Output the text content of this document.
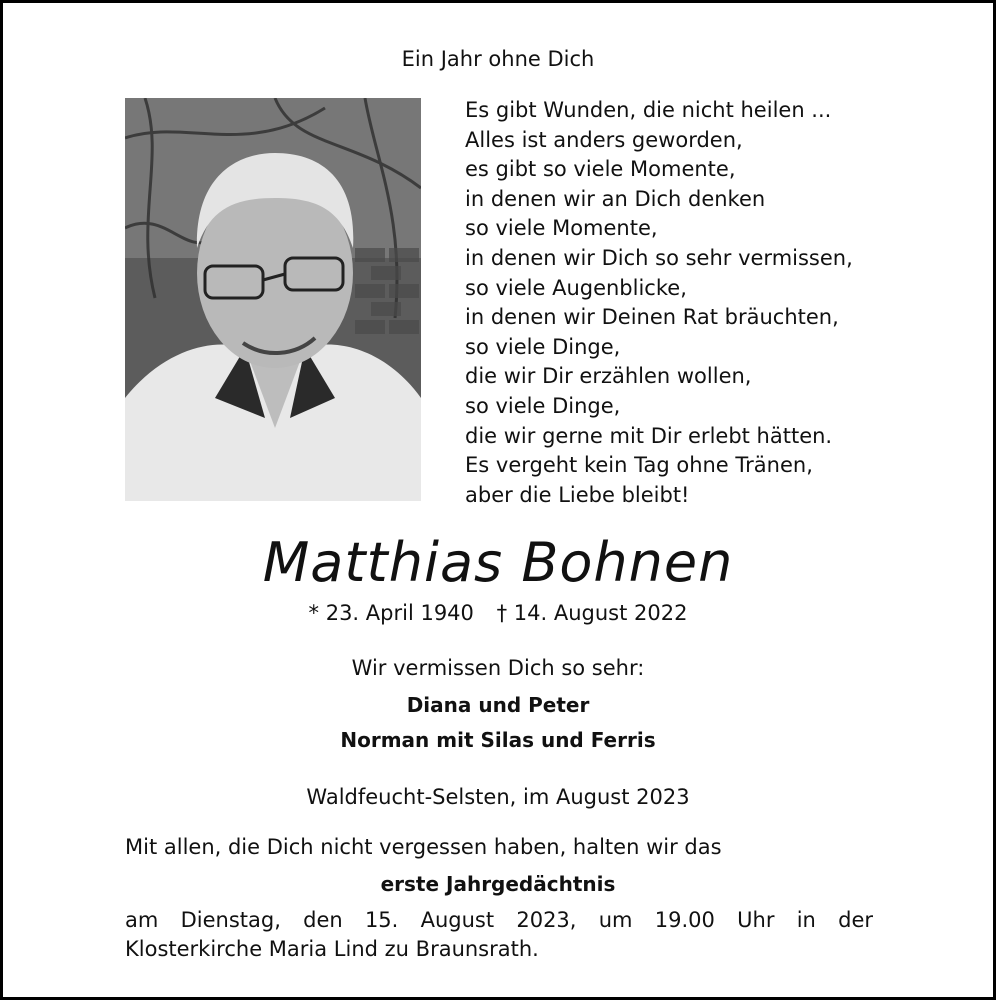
Ein Jahr ohne Dich
Es gibt Wunden, die nicht heilen ...
Alles ist anders geworden,
es gibt so viele Momente,
in denen wir an Dich denken
so viele Momente,
in denen wir Dich so sehr vermissen,
so viele Augenblicke,
in denen wir Deinen Rat bräuchten,
so viele Dinge,
die wir Dir erzählen wollen,
so viele Dinge,
die wir gerne mit Dir erlebt hätten.
Es vergeht kein Tag ohne Tränen,
aber die Liebe bleibt!
Matthias Bohnen
* 23. April 1940 † 14. August 2022
Wir vermissen Dich so sehr:
Diana und Peter
Norman mit Silas und Ferris
Waldfeucht-Selsten, im August 2023
Mit allen, die Dich nicht vergessen haben, halten wir das
erste Jahrgedächtnis
am Dienstag, den 15. August 2023, um 19.00 Uhr in der
Klosterkirche Maria Lind zu Braunsrath.
